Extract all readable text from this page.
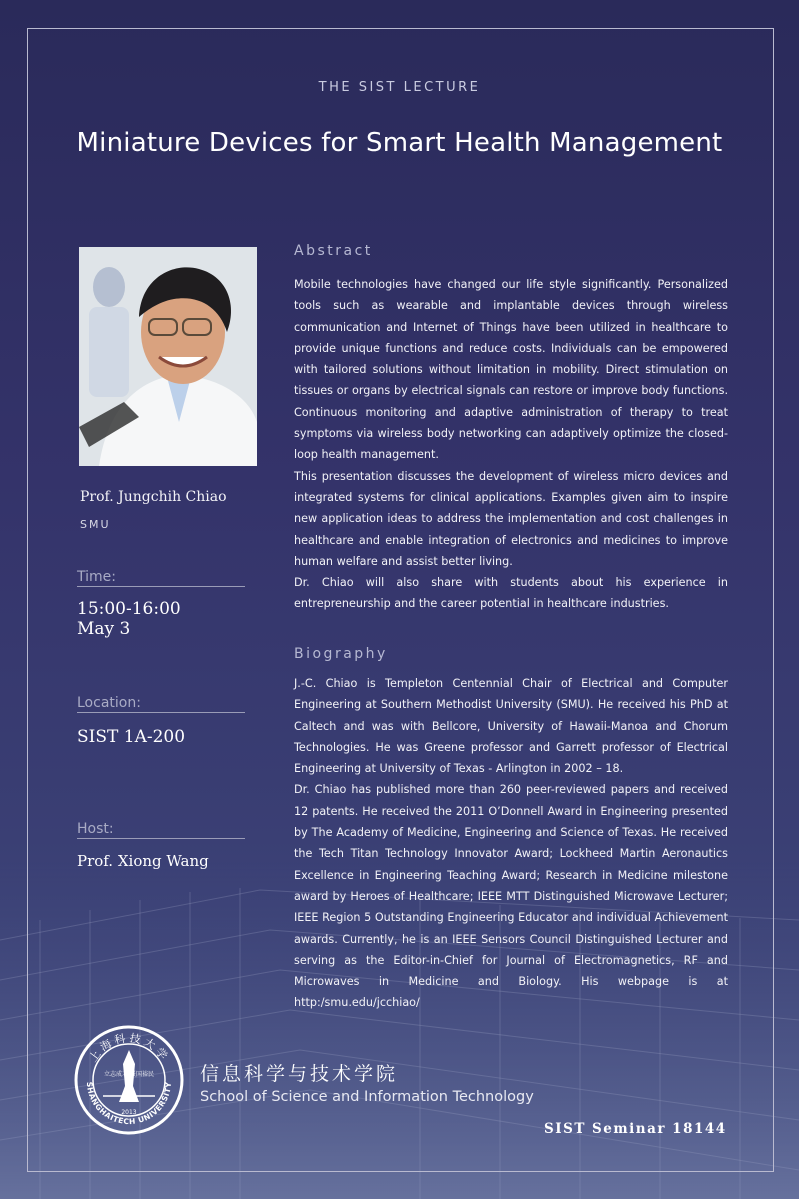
THE SIST LECTURE
Miniature Devices for Smart Health Management
Prof. Jungchih Chiao
SMU
Time:
15:00-16:00
May 3
Location:
SIST 1A-200
Host:
Prof. Xiong Wang
Abstract

Mobile technologies have changed our life style significantly. Personalized tools such as wearable and implantable devices through wireless communication and Internet of Things have been utilized in healthcare to provide unique functions and reduce costs. Individuals can be empowered with tailored solutions without limitation in mobility. Direct stimulation on tissues or organs by electrical signals can restore or improve body functions. Continuous monitoring and adaptive administration of therapy to treat symptoms via wireless body networking can adaptively optimize the closed-loop health management.

This presentation discusses the development of wireless micro devices and integrated systems for clinical applications. Examples given aim to inspire new application ideas to address the implementation and cost challenges in healthcare and enable integration of electronics and medicines to improve human welfare and assist better living.

Dr. Chiao will also share with students about his experience in entrepreneurship and the career potential in healthcare industries.

Biography

J.-C. Chiao is Templeton Centennial Chair of Electrical and Computer Engineering at Southern Methodist University (SMU). He received his PhD at Caltech and was with Bellcore, University of Hawaii-Manoa and Chorum Technologies. He was Greene professor and Garrett professor of Electrical Engineering at University of Texas - Arlington in 2002 – 18.

Dr. Chiao has published more than 260 peer-reviewed papers and received 12 patents. He received the 2011 O’Donnell Award in Engineering presented by The Academy of Medicine, Engineering and Science of Texas. He received the Tech Titan Technology Innovator Award; Lockheed Martin Aeronautics Excellence in Engineering Teaching Award; Research in Medicine milestone award by Heroes of Healthcare; IEEE MTT Distinguished Microwave Lecturer; IEEE Region 5 Outstanding Engineering Educator and individual Achievement awards. Currently, he is an IEEE Sensors Council Distinguished Lecturer and serving as the Editor-in-Chief for Journal of Electromagnetics, RF and Microwaves in Medicine and Biology. His webpage is at http:/smu.edu/jcchiao/

上海科技大学
SHANGHAITECH UNIVERSITY
2013
立志成才 报国裕民 信息科学与技术学院
School of Science and Information Technology
SIST Seminar 18144
